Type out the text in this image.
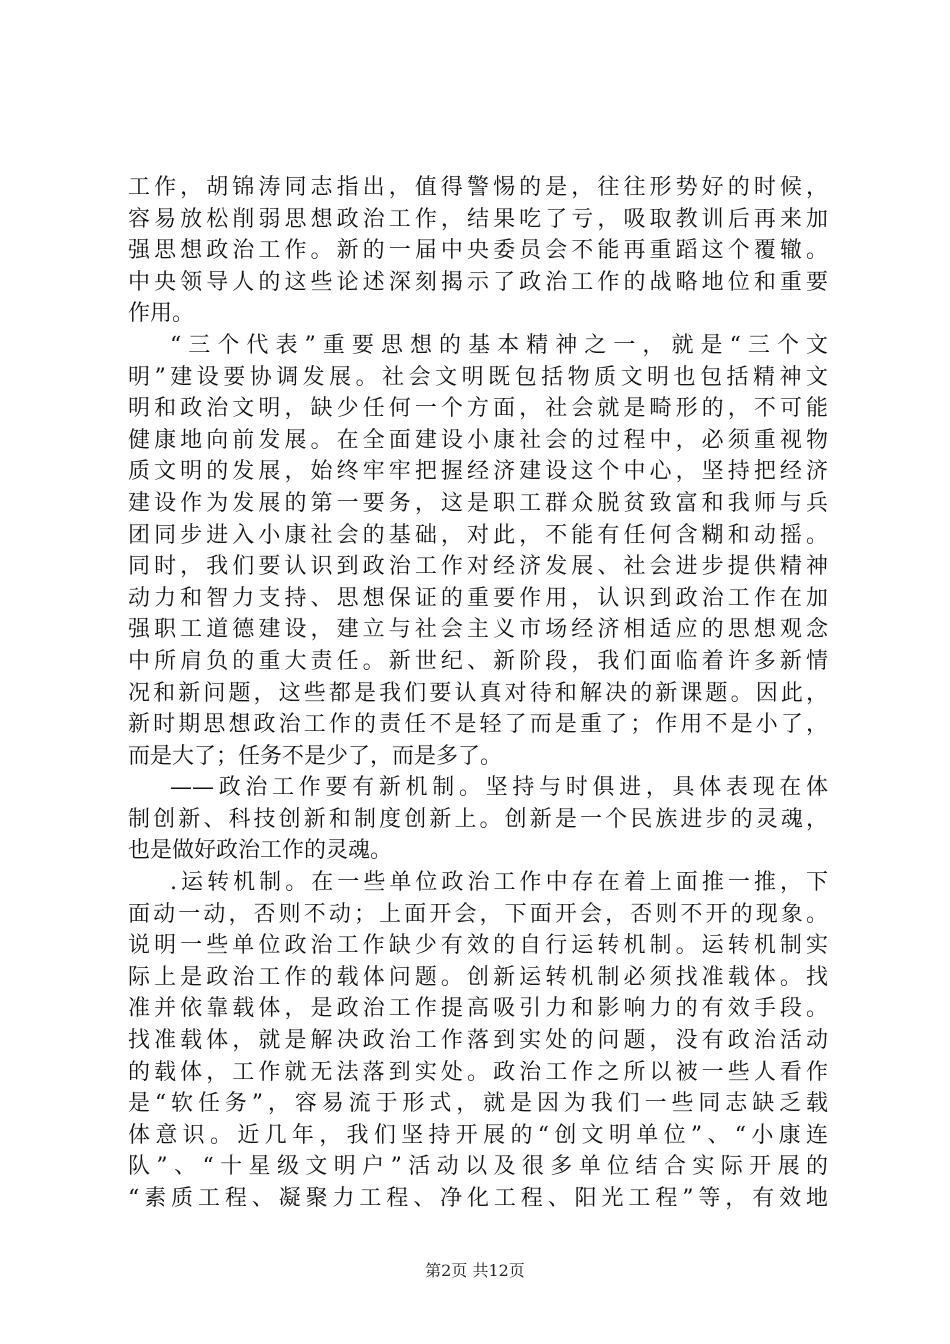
工作，胡锦涛同志指出，值得警惕的是，往往形势好的时候，
容易放松削弱思想政治工作，结果吃了亏，吸取教训后再来加
强思想政治工作。新的一届中央委员会不能再重蹈这个覆辙。
中央领导人的这些论述深刻揭示了政治工作的战略地位和重要
作用。
“三个代表”重要思想的基本精神之一，就是“三个文
明”建设要协调发展。社会文明既包括物质文明也包括精神文
明和政治文明，缺少任何一个方面，社会就是畸形的，不可能
健康地向前发展。在全面建设小康社会的过程中，必须重视物
质文明的发展，始终牢牢把握经济建设这个中心，坚持把经济
建设作为发展的第一要务，这是职工群众脱贫致富和我师与兵
团同步进入小康社会的基础，对此，不能有任何含糊和动摇。
同时，我们要认识到政治工作对经济发展、社会进步提供精神
动力和智力支持、思想保证的重要作用，认识到政治工作在加
强职工道德建设，建立与社会主义市场经济相适应的思想观念
中所肩负的重大责任。新世纪、新阶段，我们面临着许多新情
况和新问题，这些都是我们要认真对待和解决的新课题。因此，
新时期思想政治工作的责任不是轻了而是重了；作用不是小了，
而是大了；任务不是少了，而是多了。
——政治工作要有新机制。坚持与时俱进，具体表现在体
制创新、科技创新和制度创新上。创新是一个民族进步的灵魂，
也是做好政治工作的灵魂。
.运转机制。在一些单位政治工作中存在着上面推一推，下
面动一动，否则不动；上面开会，下面开会，否则不开的现象。
说明一些单位政治工作缺少有效的自行运转机制。运转机制实
际上是政治工作的载体问题。创新运转机制必须找准载体。找
准并依靠载体，是政治工作提高吸引力和影响力的有效手段。
找准载体，就是解决政治工作落到实处的问题，没有政治活动
的载体，工作就无法落到实处。政治工作之所以被一些人看作
是“软任务”，容易流于形式，就是因为我们一些同志缺乏载
体意识。近几年，我们坚持开展的“创文明单位”、“小康连
队”、“十星级文明户”活动以及很多单位结合实际开展的
“素质工程、凝聚力工程、净化工程、阳光工程”等，有效地
第2页 共12页
